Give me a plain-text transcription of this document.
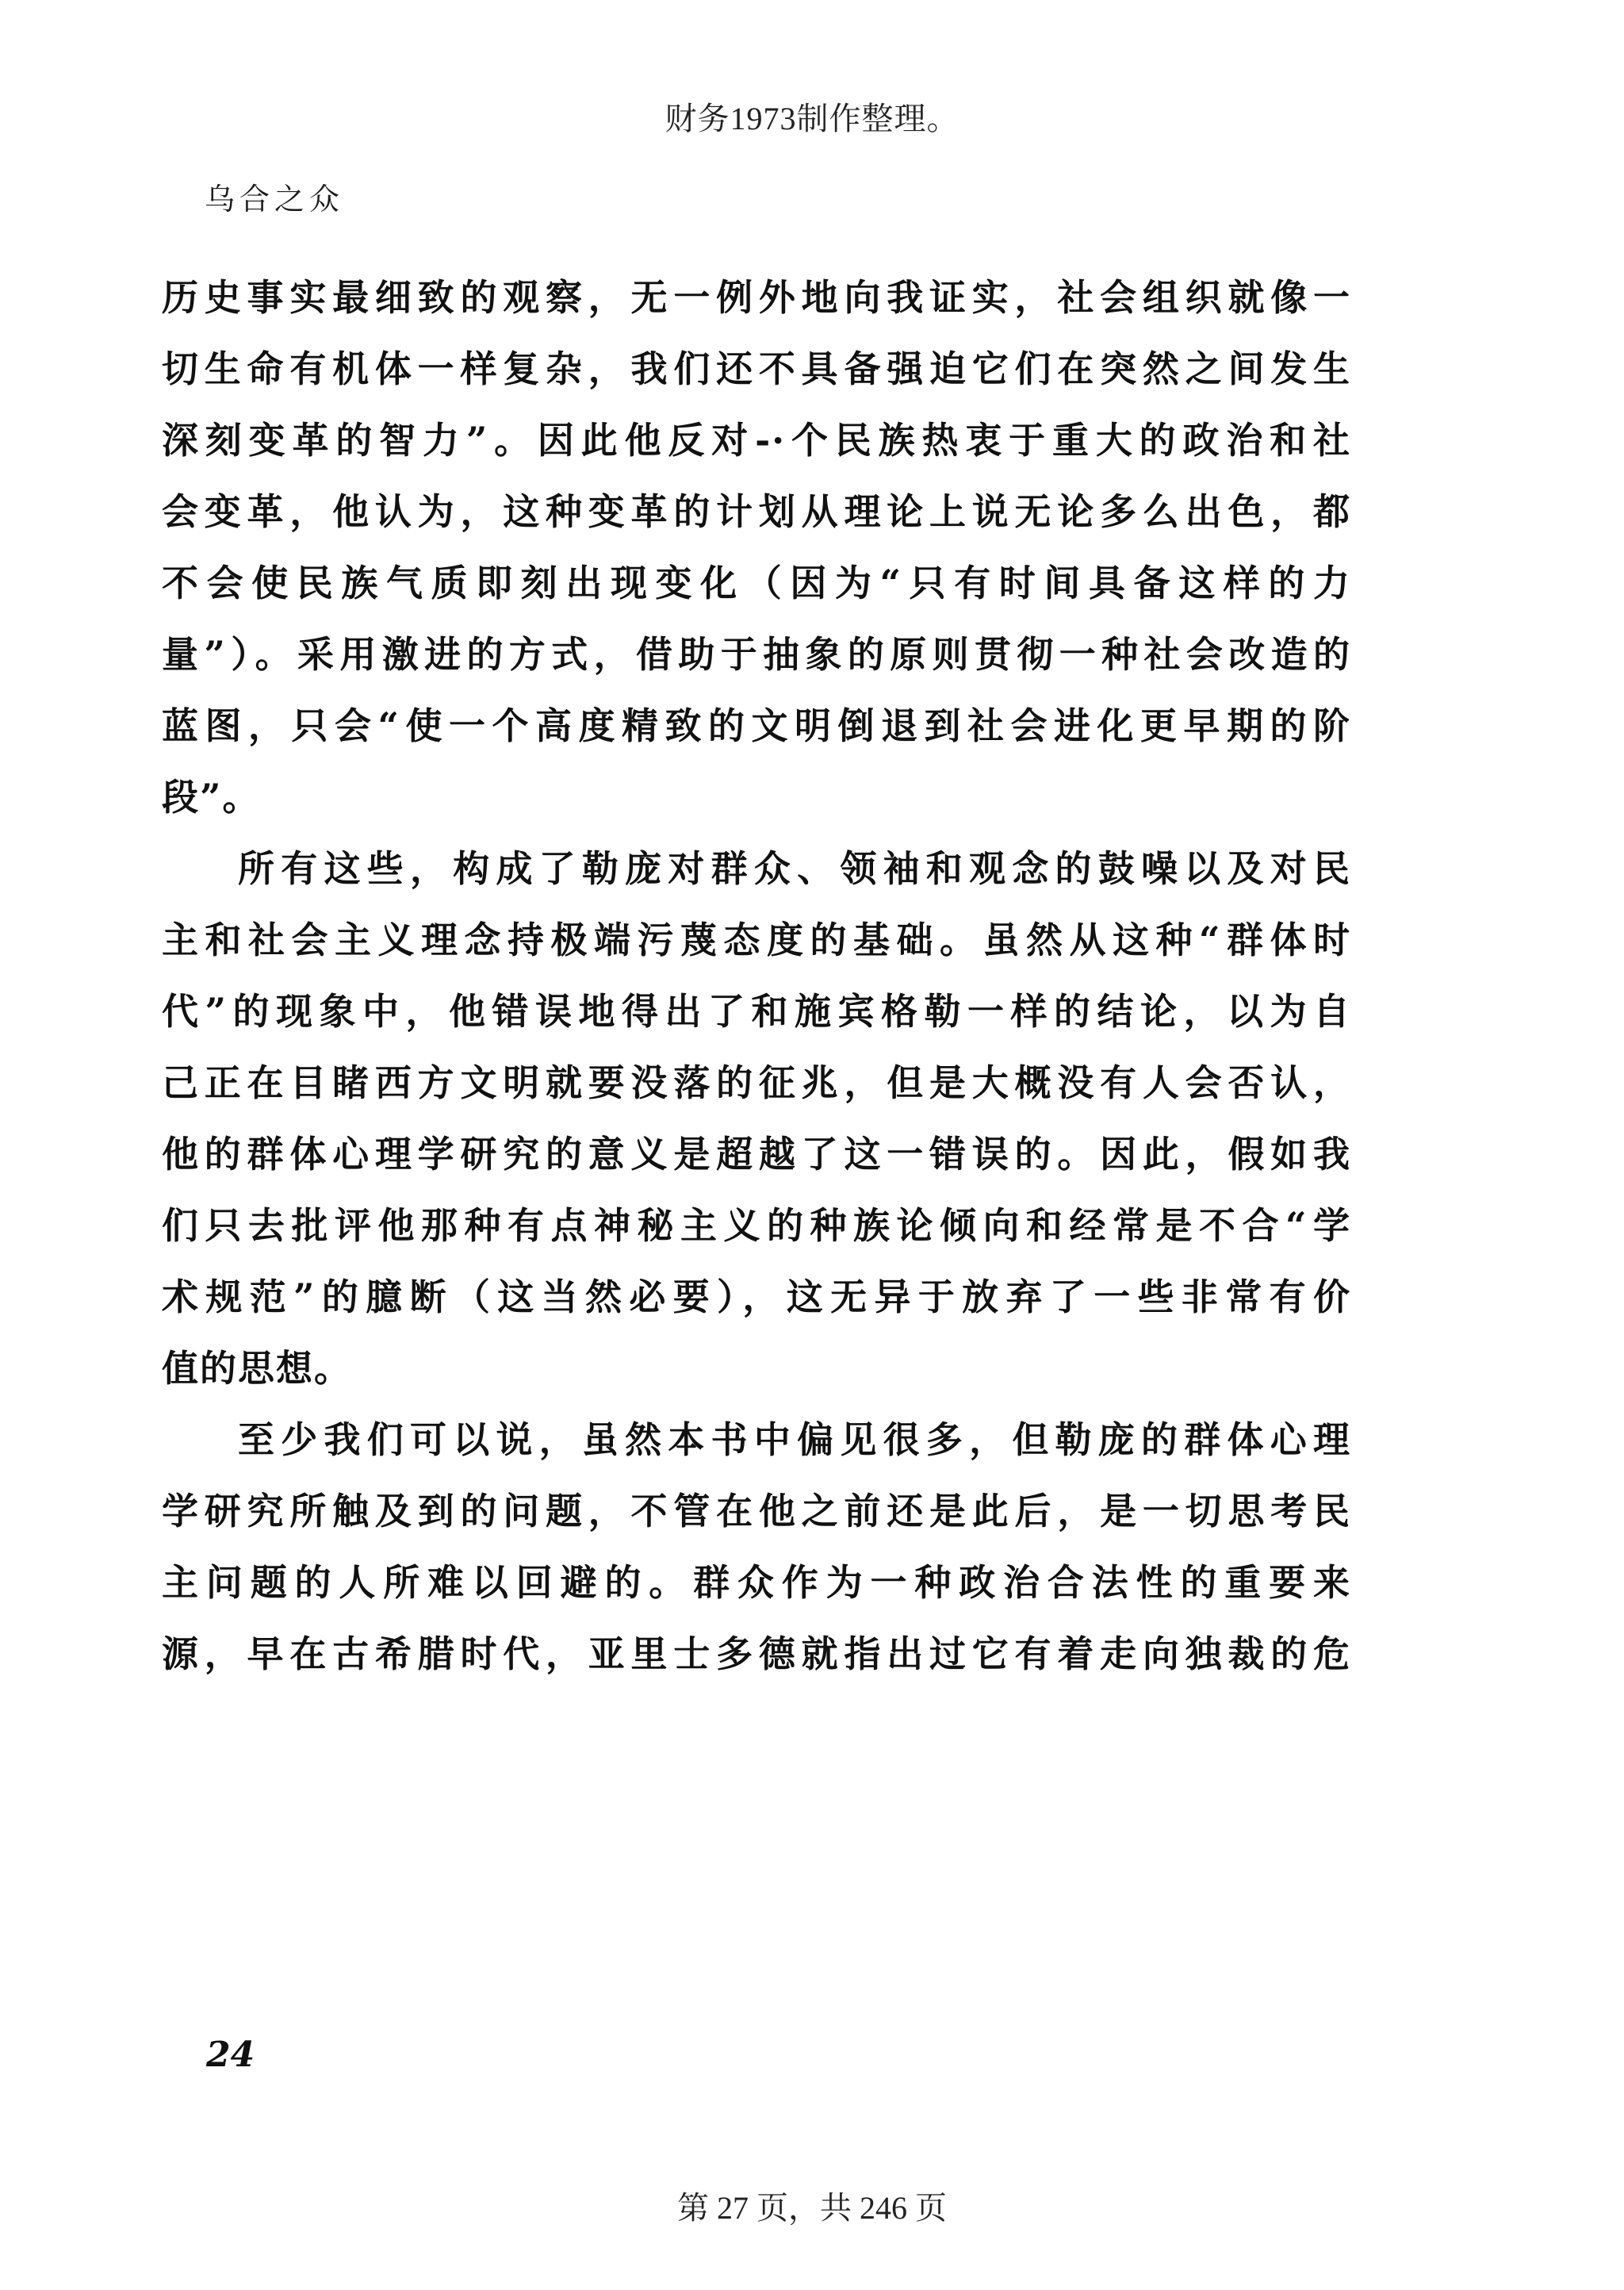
财务1973制作整理。
乌合之众
历史事实最细致的观察，无一例外地向我证实，社会组织就像一
切生命有机体一样复杂，我们还不具备强迫它们在突然之间发生
深刻变革的智力”。因此他反对-·个民族热衷于重大的政治和社
会变革，他认为，这种变革的计划从理论上说无论多么出色，都
不会使民族气质即刻出现变化（因为“只有时间具备这样的力
量”）。采用激进的方式，借助于抽象的原则贯彻一种社会改造的
蓝图，只会“使一个高度精致的文明倒退到社会进化更早期的阶
段”。
所有这些，构成了勒庞对群众、领袖和观念的鼓噪以及对民
主和社会主义理念持极端污蔑态度的基础。虽然从这种“群体时
代”的现象中，他错误地得出了和施宾格勒一样的结论，以为自
己正在目睹西方文明就要没落的征兆，但是大概没有人会否认，
他的群体心理学研究的意义是超越了这一错误的。因此，假如我
们只去批评他那种有点神秘主义的种族论倾向和经常是不合“学
术规范”的臆断（这当然必要），这无异于放弃了一些非常有价
值的思想。
至少我们可以说，虽然本书中偏见很多，但勒庞的群体心理
学研究所触及到的问题，不管在他之前还是此后，是一切思考民
主问题的人所难以回避的。群众作为一种政治合法性的重要来
源，早在古希腊时代，亚里士多德就指出过它有着走向独裁的危
24
第 27 页，共 246 页
